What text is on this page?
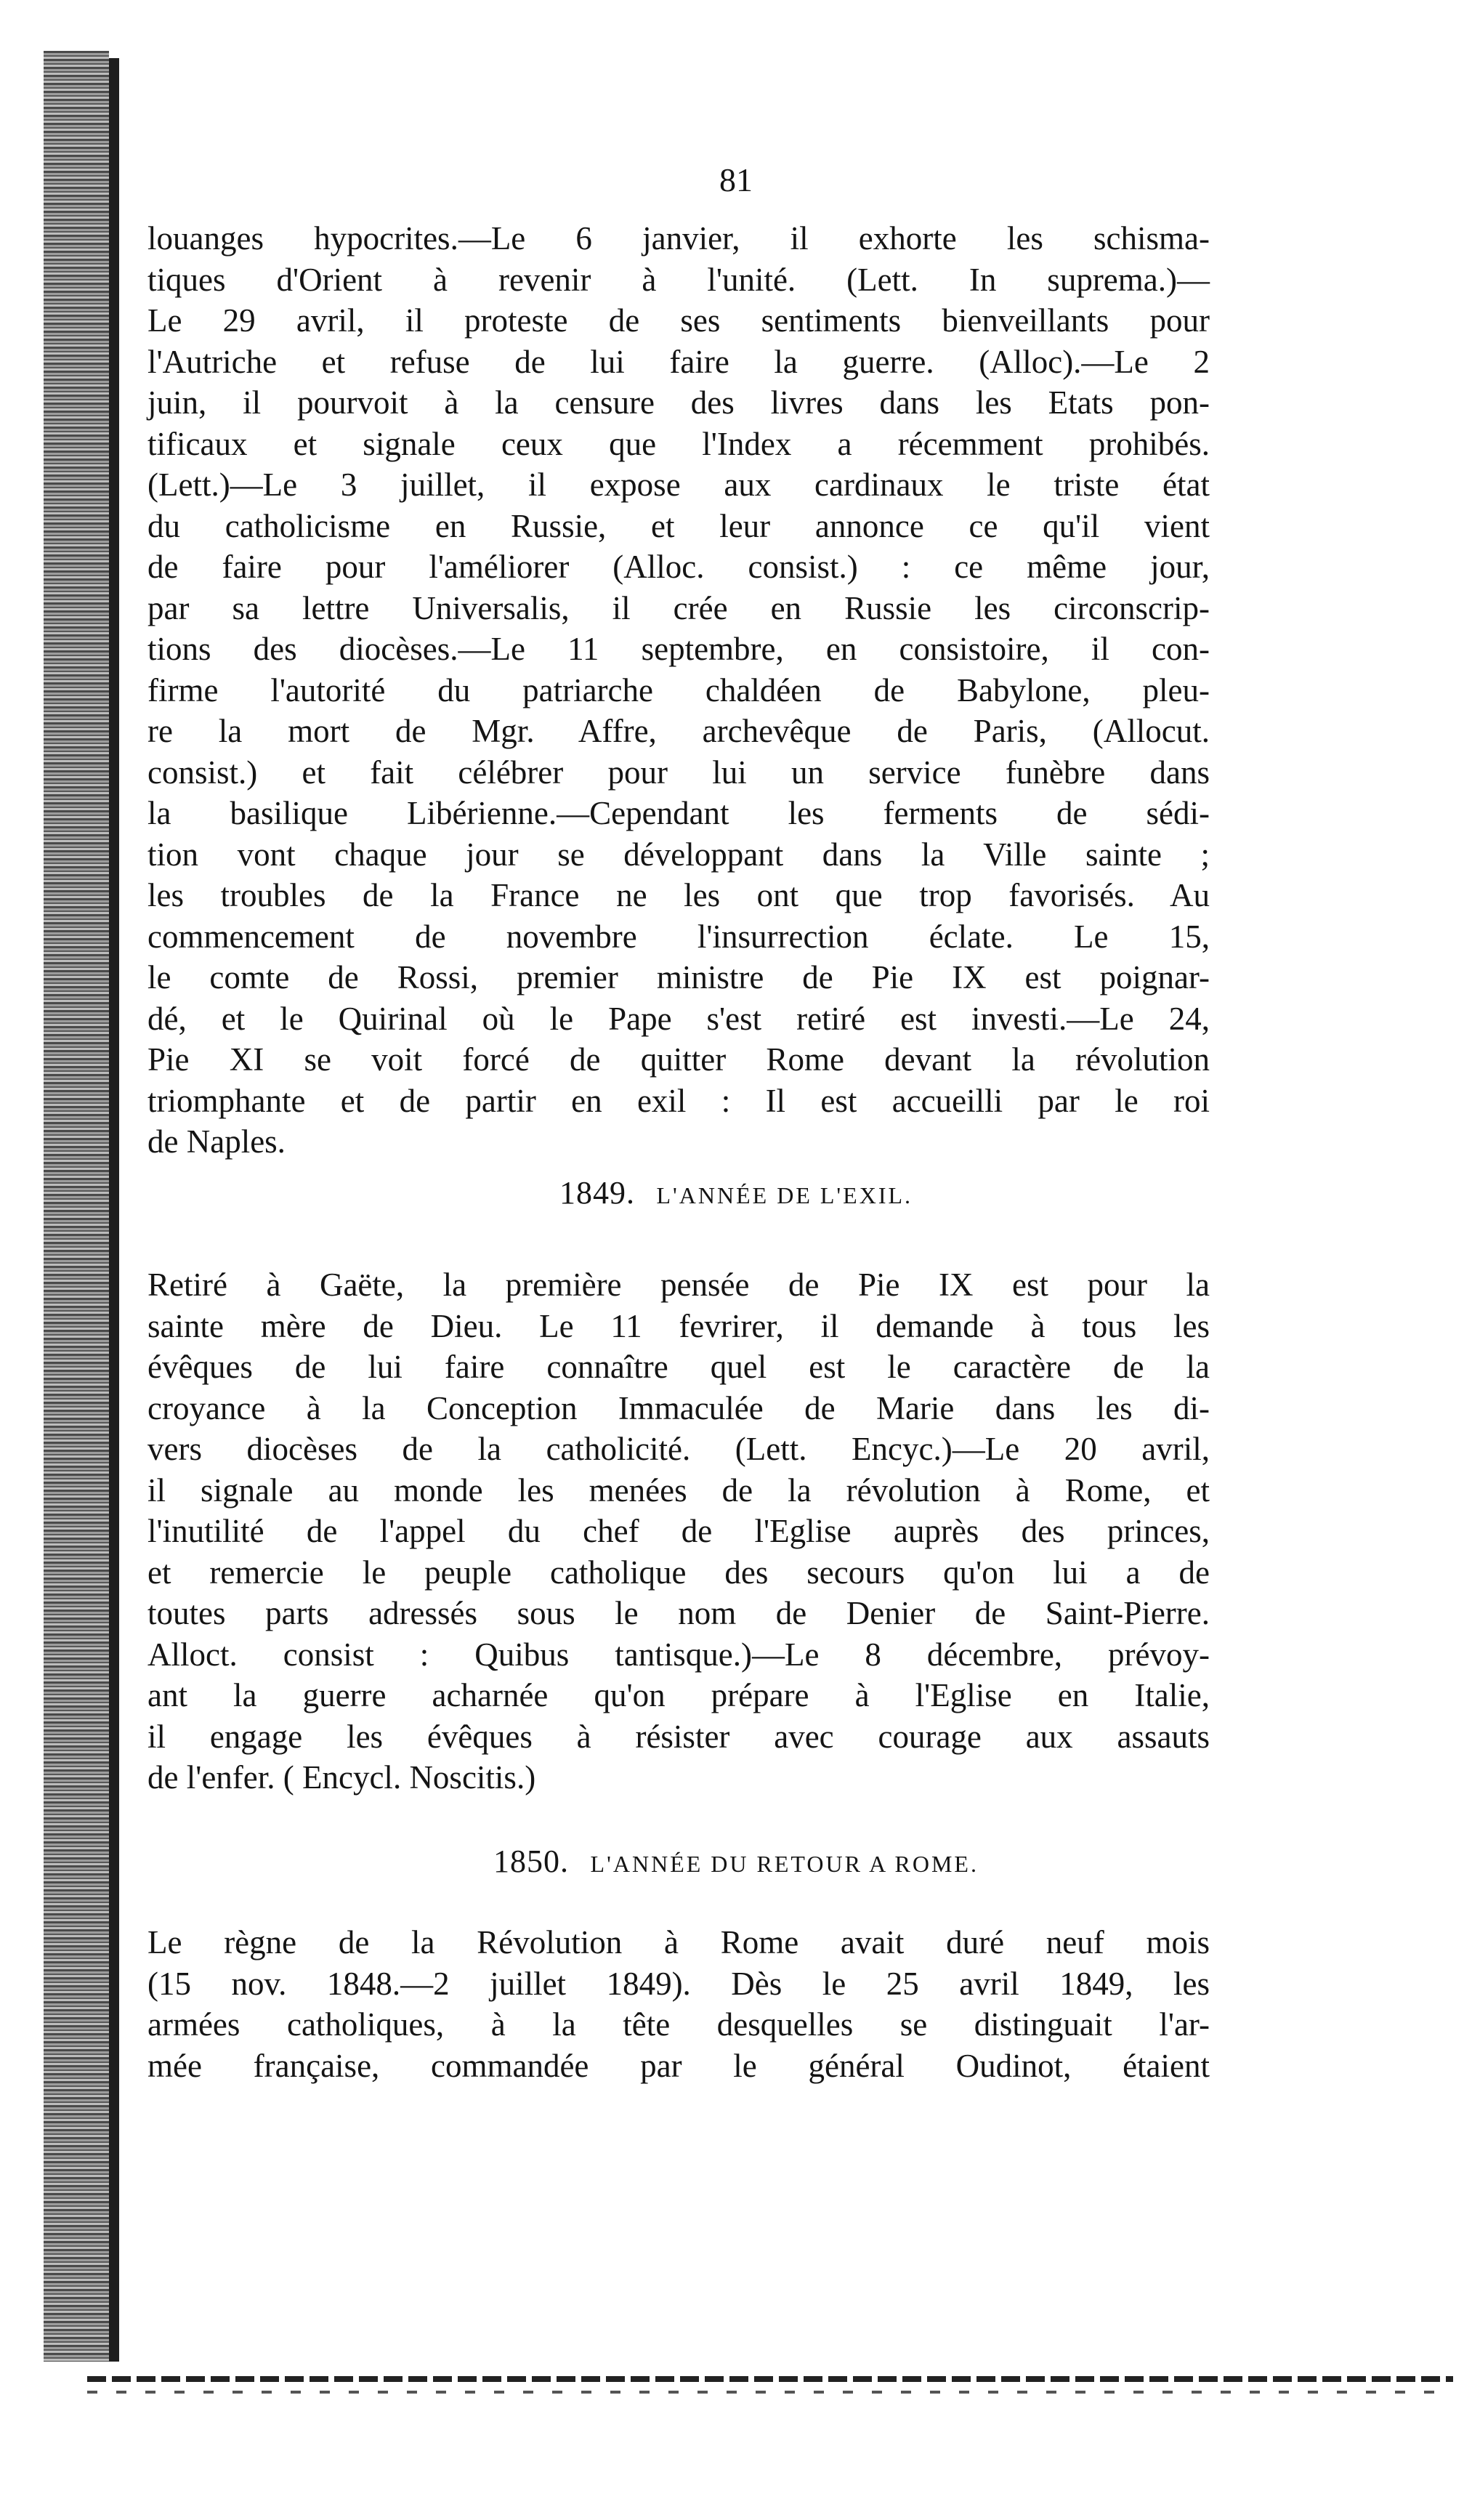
81
louanges hypocrites.—Le 6 janvier, il exhorte les schisma-
tiques d'Orient à revenir à l'unité. (Lett. In suprema.)—
Le 29 avril, il proteste de ses sentiments bienveillants pour
l'Autriche et refuse de lui faire la guerre. (Alloc).—Le 2
juin, il pourvoit à la censure des livres dans les Etats pon-
tificaux et signale ceux que l'Index a récemment prohibés.
(Lett.)—Le 3 juillet, il expose aux cardinaux le triste état
du catholicisme en Russie, et leur annonce ce qu'il vient
de faire pour l'améliorer (Alloc. consist.) : ce même jour,
par sa lettre Universalis, il crée en Russie les circonscrip-
tions des diocèses.—Le 11 septembre, en consistoire, il con-
firme l'autorité du patriarche chaldéen de Babylone, pleu-
re la mort de Mgr. Affre, archevêque de Paris, (Allocut.
consist.) et fait célébrer pour lui un service funèbre dans
la basilique Libérienne.—Cependant les ferments de sédi-
tion vont chaque jour se développant dans la Ville sainte ;
les troubles de la France ne les ont que trop favorisés. Au
commencement de novembre l'insurrection éclate. Le 15,
le comte de Rossi, premier ministre de Pie IX est poignar-
dé, et le Quirinal où le Pape s'est retiré est investi.—Le 24,
Pie XI se voit forcé de quitter Rome devant la révolution
triomphante et de partir en exil : Il est accueilli par le roi
de Naples.
1849. L'ANNÉE DE L'EXIL.
Retiré à Gaëte, la première pensée de Pie IX est pour la
sainte mère de Dieu. Le 11 fevrirer, il demande à tous les
évêques de lui faire connaître quel est le caractère de la
croyance à la Conception Immaculée de Marie dans les di-
vers diocèses de la catholicité. (Lett. Encyc.)—Le 20 avril,
il signale au monde les menées de la révolution à Rome, et
l'inutilité de l'appel du chef de l'Eglise auprès des princes,
et remercie le peuple catholique des secours qu'on lui a de
toutes parts adressés sous le nom de Denier de Saint-Pierre.
Alloct. consist : Quibus tantisque.)—Le 8 décembre, prévoy-
ant la guerre acharnée qu'on prépare à l'Eglise en Italie,
il engage les évêques à résister avec courage aux assauts
de l'enfer. ( Encycl. Noscitis.)
1850. L'ANNÉE DU RETOUR A ROME.
Le règne de la Révolution à Rome avait duré neuf mois
(15 nov. 1848.—2 juillet 1849). Dès le 25 avril 1849, les
armées catholiques, à la tête desquelles se distinguait l'ar-
mée française, commandée par le général Oudinot, étaient
